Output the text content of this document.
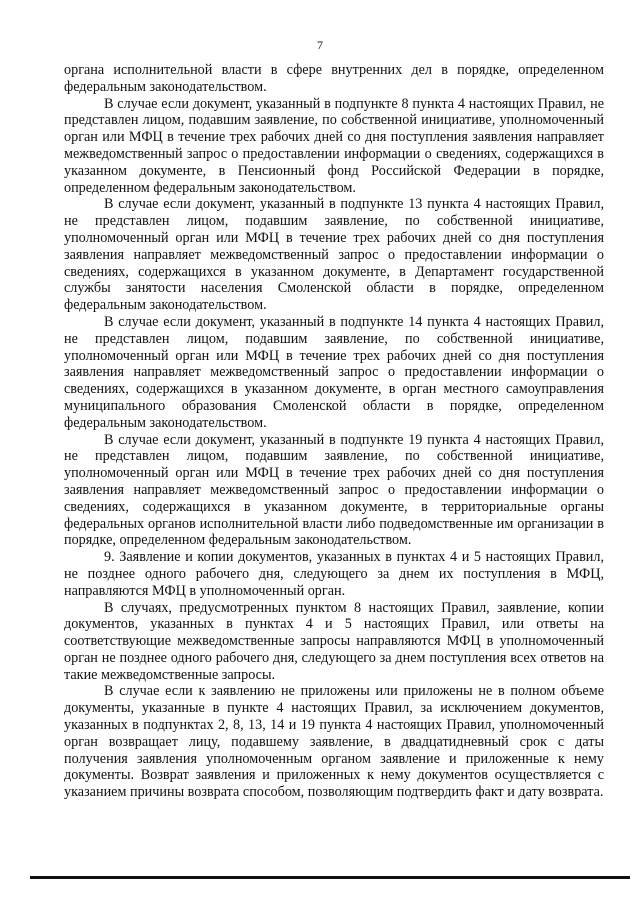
7

органа исполнительной власти в сфере внутренних дел в порядке, определенном федеральным законодательством.

В случае если документ, указанный в подпункте 8 пункта 4 настоящих Правил, не представлен лицом, подавшим заявление, по собственной инициативе, уполномоченный орган или МФЦ в течение трех рабочих дней со дня поступления заявления направляет межведомственный запрос о предоставлении информации о сведениях, содержащихся в указанном документе, в Пенсионный фонд Российской Федерации в порядке, определенном федеральным законодательством.

В случае если документ, указанный в подпункте 13 пункта 4 настоящих Правил, не представлен лицом, подавшим заявление, по собственной инициативе, уполномоченный орган или МФЦ в течение трех рабочих дней со дня поступления заявления направляет межведомственный запрос о предоставлении информации о сведениях, содержащихся в указанном документе, в Департамент государственной службы занятости населения Смоленской области в порядке, определенном федеральным законодательством.

В случае если документ, указанный в подпункте 14 пункта 4 настоящих Правил, не представлен лицом, подавшим заявление, по собственной инициативе, уполномоченный орган или МФЦ в течение трех рабочих дней со дня поступления заявления направляет межведомственный запрос о предоставлении информации о сведениях, содержащихся в указанном документе, в орган местного самоуправления муниципального образования Смоленской области в порядке, определенном федеральным законодательством.

В случае если документ, указанный в подпункте 19 пункта 4 настоящих Правил, не представлен лицом, подавшим заявление, по собственной инициативе, уполномоченный орган или МФЦ в течение трех рабочих дней со дня поступления заявления направляет межведомственный запрос о предоставлении информации о сведениях, содержащихся в указанном документе, в территориальные органы федеральных органов исполнительной власти либо подведомственные им организации в порядке, определенном федеральным законодательством.

9. Заявление и копии документов, указанных в пунктах 4 и 5 настоящих Правил, не позднее одного рабочего дня, следующего за днем их поступления в МФЦ, направляются МФЦ в уполномоченный орган.

В случаях, предусмотренных пунктом 8 настоящих Правил, заявление, копии документов, указанных в пунктах 4 и 5 настоящих Правил, или ответы на соответствующие межведомственные запросы направляются МФЦ в уполномоченный орган не позднее одного рабочего дня, следующего за днем поступления всех ответов на такие межведомственные запросы.

В случае если к заявлению не приложены или приложены не в полном объеме документы, указанные в пункте 4 настоящих Правил, за исключением документов, указанных в подпунктах 2, 8, 13, 14 и 19 пункта 4 настоящих Правил, уполномоченный орган возвращает лицу, подавшему заявление, в двадцатидневный срок с даты получения заявления уполномоченным органом заявление и приложенные к нему документы. Возврат заявления и приложенных к нему документов осуществляется с указанием причины возврата способом, позволяющим подтвердить факт и дату возврата.
